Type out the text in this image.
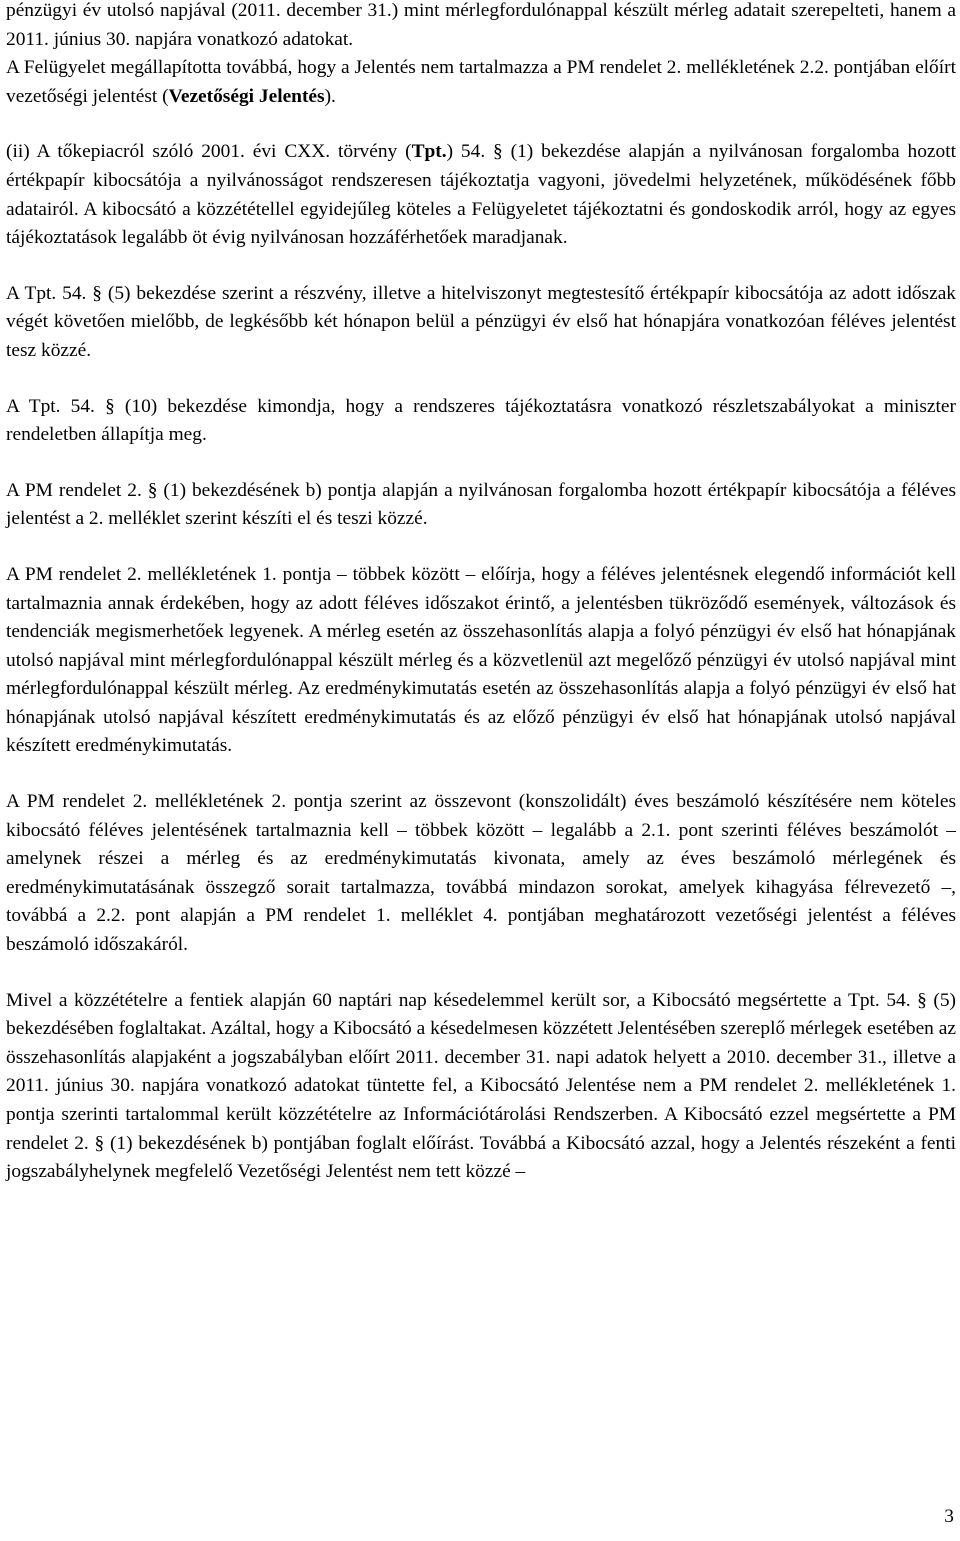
pénzügyi év utolsó napjával (2011. december 31.) mint mérlegfordulónappal készült mérleg adatait szerepelteti, hanem a 2011. június 30. napjára vonatkozó adatokat.

A Felügyelet megállapította továbbá, hogy a Jelentés nem tartalmazza a PM rendelet 2. mellékletének 2.2. pontjában előírt vezetőségi jelentést (Vezetőségi Jelentés).

(ii) A tőkepiacról szóló 2001. évi CXX. törvény (Tpt.) 54. § (1) bekezdése alapján a nyilvánosan forgalomba hozott értékpapír kibocsátója a nyilvánosságot rendszeresen tájékoztatja vagyoni, jövedelmi helyzetének, működésének főbb adatairól. A kibocsátó a közzététellel egyidejűleg köteles a Felügyeletet tájékoztatni és gondoskodik arról, hogy az egyes tájékoztatások legalább öt évig nyilvánosan hozzáférhetőek maradjanak.

A Tpt. 54. § (5) bekezdése szerint a részvény, illetve a hitelviszonyt megtestesítő értékpapír kibocsátója az adott időszak végét követően mielőbb, de legkésőbb két hónapon belül a pénzügyi év első hat hónapjára vonatkozóan féléves jelentést tesz közzé.

A Tpt. 54. § (10) bekezdése kimondja, hogy a rendszeres tájékoztatásra vonatkozó részletszabályokat a miniszter rendeletben állapítja meg.

A PM rendelet 2. § (1) bekezdésének b) pontja alapján a nyilvánosan forgalomba hozott értékpapír kibocsátója a féléves jelentést a 2. melléklet szerint készíti el és teszi közzé.

A PM rendelet 2. mellékletének 1. pontja – többek között – előírja, hogy a féléves jelentésnek elegendő információt kell tartalmaznia annak érdekében, hogy az adott féléves időszakot érintő, a jelentésben tükröződő események, változások és tendenciák megismerhetőek legyenek. A mérleg esetén az összehasonlítás alapja a folyó pénzügyi év első hat hónapjának utolsó napjával mint mérlegfordulónappal készült mérleg és a közvetlenül azt megelőző pénzügyi év utolsó napjával mint mérlegfordulónappal készült mérleg. Az eredménykimutatás esetén az összehasonlítás alapja a folyó pénzügyi év első hat hónapjának utolsó napjával készített eredménykimutatás és az előző pénzügyi év első hat hónapjának utolsó napjával készített eredménykimutatás.

A PM rendelet 2. mellékletének 2. pontja szerint az összevont (konszolidált) éves beszámoló készítésére nem köteles kibocsátó féléves jelentésének tartalmaznia kell – többek között – legalább a 2.1. pont szerinti féléves beszámolót – amelynek részei a mérleg és az eredménykimutatás kivonata, amely az éves beszámoló mérlegének és eredménykimutatásának összegző sorait tartalmazza, továbbá mindazon sorokat, amelyek kihagyása félrevezető –, továbbá a 2.2. pont alapján a PM rendelet 1. melléklet 4. pontjában meghatározott vezetőségi jelentést a féléves beszámoló időszakáról.

Mivel a közzétételre a fentiek alapján 60 naptári nap késedelemmel került sor, a Kibocsátó megsértette a Tpt. 54. § (5) bekezdésében foglaltakat. Azáltal, hogy a Kibocsátó a késedelmesen közzétett Jelentésében szereplő mérlegek esetében az összehasonlítás alapjaként a jogszabályban előírt 2011. december 31. napi adatok helyett a 2010. december 31., illetve a 2011. június 30. napjára vonatkozó adatokat tüntette fel, a Kibocsátó Jelentése nem a PM rendelet 2. mellékletének 1. pontja szerinti tartalommal került közzétételre az Információtárolási Rendszerben. A Kibocsátó ezzel megsértette a PM rendelet 2. § (1) bekezdésének b) pontjában foglalt előírást. Továbbá a Kibocsátó azzal, hogy a Jelentés részeként a fenti jogszabályhelynek megfelelő Vezetőségi Jelentést nem tett közzé –

3
